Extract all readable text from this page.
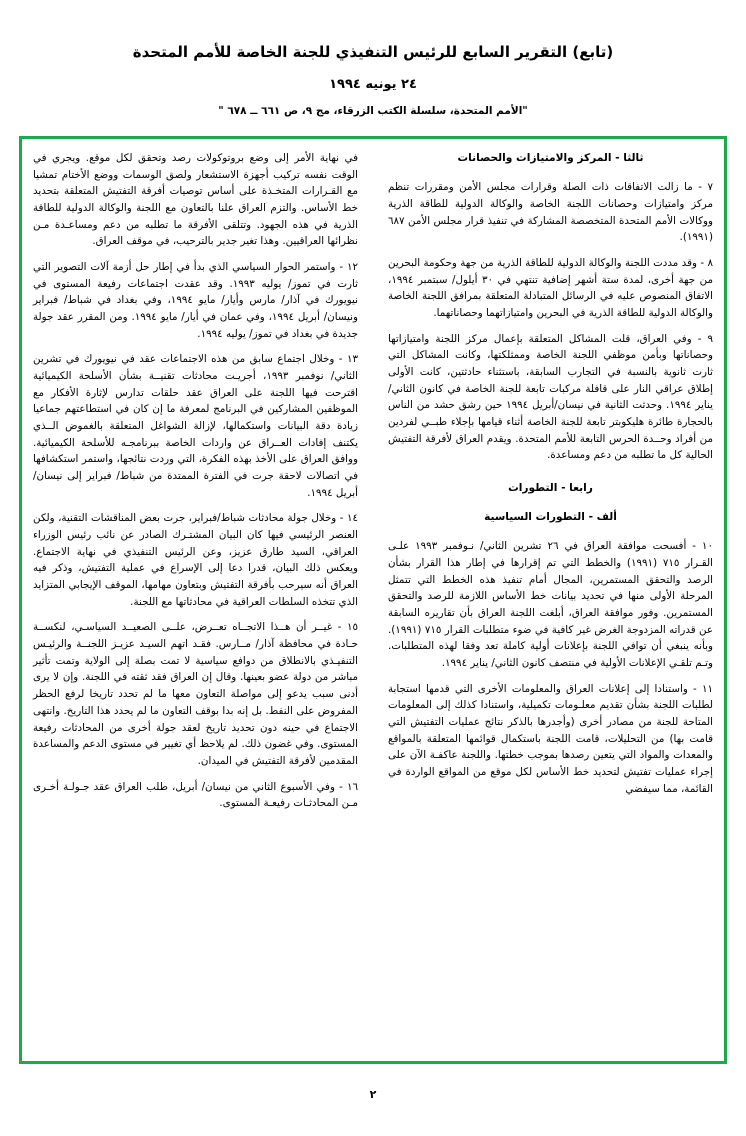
(تابع) التقرير السابع للرئيس التنفيذي للجنة الخاصة للأمم المتحدة
٢٤ يونيه ١٩٩٤
"الأمم المتحدة، سلسلة الكتب الزرقاء، مج ٩، ص ٦٦١ ــ ٦٧٨ "
ثالثا - المركز والامتيازات والحصانات

٧ - ما زالت الاتفاقات ذات الصلة وقرارات مجلس الأمن ومقررات تنظم مركز وامتيازات وحصانات اللجنة الخاصة والوكالة الدولية للطاقة الذرية ووكالات الأمم المتحدة المتخصصة المشاركة في تنفيذ قرار مجلس الأمن ٦٨٧ (١٩٩١).

٨ - وقد مددت اللجنة والوكالة الدولية للطاقة الذرية من جهة وحكومة البحرين من جهة أخرى، لمدة ستة أشهر إضافية تنتهي في ٣٠ أيلول/ سبتمبر ١٩٩٤، الاتفاق المنصوص عليه في الرسائل المتبادلة المتعلقة بمرافق اللجنة الخاصة والوكالة الدولية للطاقة الذرية في البحرين وامتيازاتهما وحصاناتهما.

٩ - وفي العراق، قلت المشاكل المتعلقة بإعمال مركز اللجنة وامتيازاتها وحصاناتها وبأمن موظفي اللجنة الخاصة وممثلكتها، وكانت المشاكل التي ثارت ثانوية بالنسبة في التجارب السابقة، باستثناء حادثتين، كانت الأولى إطلاق عراقي النار على قافلة مركبات تابعة للجنة الخاصة في كانون الثاني/ يناير ١٩٩٤. وحدثت الثانية في نيسان/أبريل ١٩٩٤ حين رشق حشد من الناس بالحجارة طائرة هليكوبتر تابعة للجنة الخاصة أثناء قيامها بإجلاء طبــي لفردين من أفراد وحــدة الحرس التابعة للأمم المتحدة. ويقدم العراق لأفرقة التفتيش الحالية كل ما تطلبه من دعم ومساعدة.

رابعا - التطورات
ألف - التطورات السياسية

١٠ - أفسحت موافقة العراق في ٢٦ تشرين الثاني/ نـوفمبر ١٩٩٣ علـى القـرار ٧١٥ (١٩٩١) والخطط التي تم إقرارها في إطار هذا القرار بشأن الرصد والتحقق المستمرين، المجال أمام تنفيذ هذه الخطط التي تتمثل المرحلة الأولى منها في تحديد بيانات خط الأساس اللازمة للرصد والتحقق المستمرين. وفور موافقة العراق، أبلغت اللجنة العراق بأن تقاريره السابقة عن قدراته المزدوجة الغرض غير كافية في ضوء متطلبات القرار ٧١٥ (١٩٩١). وبأنه ينبغي أن توافي اللجنة بإعلانات أولية كاملة تعد وفقا لهذه المتطلبات. وتـم تلقـي الإعلانات الأولية في منتصف كانون الثاني/ يناير ١٩٩٤.

١١ - واستنادا إلى إعلانات العراق والمعلومات الأخرى التي قدمها استجابة لطلبات اللجنة بشأن تقديم معلـومات تكميلية، واستنادا كذلك إلى المعلومات المتاحة للجنة من مصادر أخرى (وأجدرها بالذكر نتائج عمليات التفتيش التي قامت بها) من التحليلات، قامت اللجنة باستكمال قوائمها المتعلقة بالمواقع والمعدات والمواد التي يتعين رصدها بموجب خطتها. واللجنة عاكفـة الآن على إجراء عمليات تفتيش لتحديد خط الأساس لكل موقع من المواقع الواردة في القائمة، مما سيفضي

في نهاية الأمر إلى وضع بروتوكولات رصد وتحقق لكل موقع. ويجري في الوقت نفسه تركيب أجهزة الاستشعار ولصق الوسمات ووضع الأختام تمشيا مع القـرارات المتخـذة على أساس توصيات أفرقة التفتيش المتعلقة بتحديد خط الأساس. والتزم العراق علنا بالتعاون مع اللجنة والوكالة الدولية للطاقة الذرية في هذه الجهود. وتتلقى الأفرقة ما تطلبه من دعم ومساعـدة مـن نظرائها العراقيين. وهذا تغير جدير بالترحيب، في موقف العراق.

١٢ - واستمر الحوار السياسي الذي بدأ في إطار حل أزمة آلات التصوير التي ثارت في تموز/ يوليه ١٩٩٣. وقد عقدت اجتماعات رفيعة المستوى في نيويورك في آذار/ مارس وأيار/ مايو ١٩٩٤، وفي بغداد في شباط/ فبراير ونيسان/ أبريل ١٩٩٤، وفي عمان في أيار/ مايو ١٩٩٤. ومن المقرر عقد جولة جديدة في بغداد في تموز/ يوليه ١٩٩٤.

١٣ - وخلال اجتماع سابق من هذه الاجتماعات عقد في نيويورك في تشرين الثاني/ نوفمبر ١٩٩٣، أجريـت محادثات تقنيــة بشأن الأسلحة الكيميائية اقترحت فيها اللجنة على العراق عقد حلقات تدارس لإثارة الأفكار مع الموظفين المشاركين في البرنامج لمعرفة ما إن كان في استطاعتهم جماعيا زيادة دقة البيانات واستكمالها، لإزالة الشواغل المتعلقة بالغموض الــذي يكتنف إفادات العــراق عن واردات الخاصة ببرنامجـه للأسلحة الكيميائية. ووافق العراق على الأخذ بهذه الفكرة، التي وردت نتائجها، واستمر استكشافها في اتصالات لاحقة جرت في الفترة الممتدة من شباط/ فبراير إلى نيسان/ أبريل ١٩٩٤.

١٤ - وخلال جولة محادثات شباط/فبراير، جرت بعض المناقشات التقنية، ولكن العنصر الرئيسي فيها كان البيان المشتـرك الصادر عن نائب رئيس الوزراء العراقي، السيد طارق عزيز، وعن الرئيس التنفيذي في نهاية الاجتماع. ويعكس ذلك البيان، قدرا دعا إلى الإسراع في عملية التفتيش، وذكر فيه العراق أنه سيرحب بأفرقة التفتيش وبتعاون مهامها، الموقف الإيجابي المتزايد الذي تتخذه السلطات العراقية في محادثاتها مع اللجنة.

١٥ - غيــر أن هــذا الاتجــاه تعــرض، علــى الصعيــد السياسـي، لنكســة حـادة في محافظة آذار/ مــارس. فقـد اتهم السيـد عزيـز اللجنــة والرئيـس التنفيـذي بالانطلاق من دوافع سياسية لا تمت بصلة إلى الولاية وتمت تأثير مباشر من دولة عضو بعينها. وقال إن العراق فقد ثقته في اللجنة. وإن لا يرى أدنى سبب يدعو إلى مواصلة التعاون معها ما لم تحدد تاريخا لرفع الحظر المفروض على النفط. بل إنه بدا بوقف التعاون ما لم يحدد هذا التاريخ. وانتهى الاجتماع في حينه دون تحديد تاريخ لعقد جولة أخرى من المحادثات رفيعة المستوى. وفي غضون ذلك. لم يلاحظ أي تغيير في مستوى الدعم والمساعدة المقدمين لأفرقة التفتيش في الميدان.

١٦ - وفي الأسبوع الثاني من نيسان/ أبريل، طلب العراق عقد جـولـة أخـرى مـن المحادثـات رفيعـة المستوى.

٢
